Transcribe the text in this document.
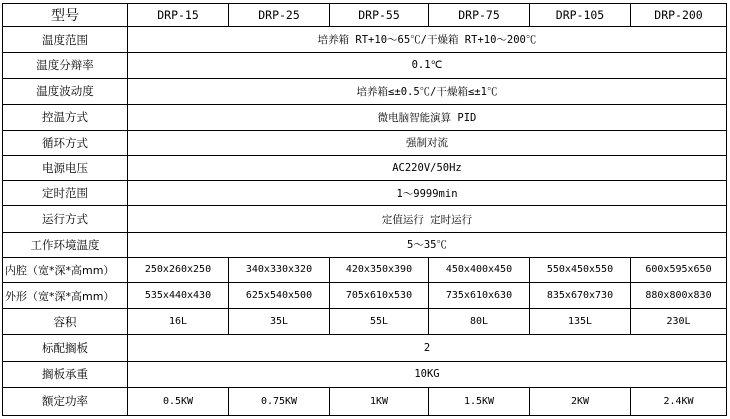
型号	DRP-15	DRP-25	DRP-55	DRP-75	DRP-105	DRP-200
温度范围	培养箱 RT+10～65℃/干燥箱 RT+10～200℃					
温度分辩率	0.1℃					
温度波动度	培养箱≤±0.5℃/干燥箱≤±1℃					
控温方式	微电脑智能演算 PID					
循环方式	强制对流					
电源电压	AC220V/50Hz					
定时范围	1～9999min					
运行方式	定值运行 定时运行					
工作环境温度	5～35℃					
内腔（宽*深*高mm）	250x260x250	340x330x320	420x350x390	450x400x450	550x450x550	600x595x650
外形（宽*深*高mm）	535x440x430	625x540x500	705x610x530	735x610x630	835x670x730	880x800x830
容积	16L	35L	55L	80L	135L	230L
标配搁板	2					
搁板承重	10KG					
额定功率	0.5KW	0.75KW	1KW	1.5KW	2KW	2.4KW
